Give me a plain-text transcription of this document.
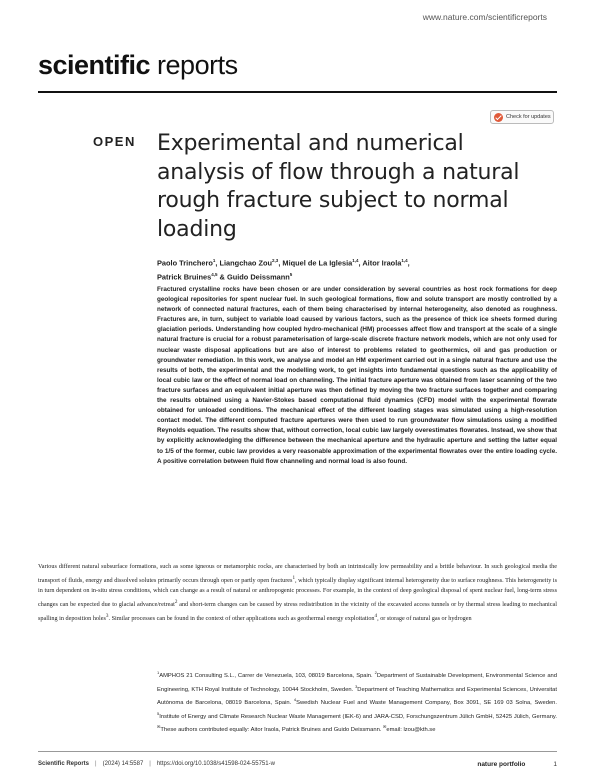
www.nature.com/scientificreports
scientific reports
Check for updates
OPEN Experimental and numerical analysis of flow through a natural rough fracture subject to normal loading
Paolo Trinchero$^1$, Liangchao Zou$^{2,3}$, Miquel de La Iglesia$^{1,4}$, Aitor Iraola$^{1,4}$,
Patrick Bruines$^{4,5}$ & Guido Deissmann$^5$

Fractured crystalline rocks have been chosen or are under consideration by several countries as host rock formations for deep geological repositories for spent nuclear fuel. In such geological formations, flow and solute transport are mostly controlled by a network of connected natural fractures, each of them being characterised by internal heterogeneity, also denoted as roughness. Fractures are, in turn, subject to variable load caused by various factors, such as the presence of thick ice sheets formed during glaciation periods. Understanding how coupled hydro-mechanical (HM) processes affect flow and transport at the scale of a single natural fracture is crucial for a robust parameterisation of large-scale discrete fracture network models, which are not only used for nuclear waste disposal applications but are also of interest to problems related to geothermics, oil and gas production or groundwater remediation. In this work, we analyse and model an HM experiment carried out in a single natural fracture and use the results of both, the experimental and the modelling work, to get insights into fundamental questions such as the applicability of local cubic law or the effect of normal load on channeling. The initial fracture aperture was obtained from laser scanning of the two fracture surfaces and an equivalent initial aperture was then defined by moving the two fracture surfaces together and comparing the results obtained using a Navier-Stokes based computational fluid dynamics (CFD) model with the experimental flowrate obtained for unloaded conditions. The mechanical effect of the different loading stages was simulated using a high-resolution contact model. The different computed fracture apertures were then used to run groundwater flow simulations using a modified Reynolds equation. The results show that, without correction, local cubic law largely overestimates flowrates. Instead, we show that by explicitly acknowledging the difference between the mechanical aperture and the hydraulic aperture and setting the latter equal to 1/5 of the former, cubic law provides a very reasonable approximation of the experimental flowrates over the entire loading cycle. A positive correlation between fluid flow channeling and normal load is also found.

Various different natural subsurface formations, such as some igneous or metamorphic rocks, are characterised by both an intrinsically low permeability and a brittle behaviour. In such geological media the transport of fluids, energy and dissolved solutes primarily occurs through open or partly open fractures$^1$, which typically display significant internal heterogeneity due to surface roughness. This heterogeneity is in turn dependent on in-situ stress conditions, which can change as a result of natural or anthropogenic processes. For example, in the context of deep geological disposal of spent nuclear fuel, long-term stress changes can be expected due to glacial advance/retreat$^2$ and short-term changes can be caused by stress redistribution in the vicinity of the excavated access tunnels or by thermal stress leading to mechanical spalling in deposition holes$^3$. Similar processes can be found in the context of other applications such as geothermal energy exploitation$^4$, or storage of natural gas or hydrogen

$^1$AMPHOS 21 Consulting S.L., Carrer de Venezuela, 103, 08019 Barcelona, Spain. $^2$Department of Sustainable Development, Environmental Science and Engineering, KTH Royal Institute of Technology, 10044 Stockholm, Sweden. $^3$Department of Teaching Mathematics and Experimental Sciences, Universitat Autònoma de Barcelona, 08019 Barcelona, Spain. $^4$Swedish Nuclear Fuel and Waste Management Company, Box 3091, SE 169 03 Solna, Sweden. $^5$Institute of Energy and Climate Research Nuclear Waste Management (IEK-6) and JARA-CSD, Forschungszentrum Jülich GmbH, 52425 Jülich, Germany. ✉These authors contributed equally: Aitor Iraola, Patrick Bruines and Guido Deissmann. ✉email: lzou@kth.se

Scientific Reports | (2024) 14:5587 | https://doi.org/10.1038/s41598-024-55751-w	nature portfolio	1
